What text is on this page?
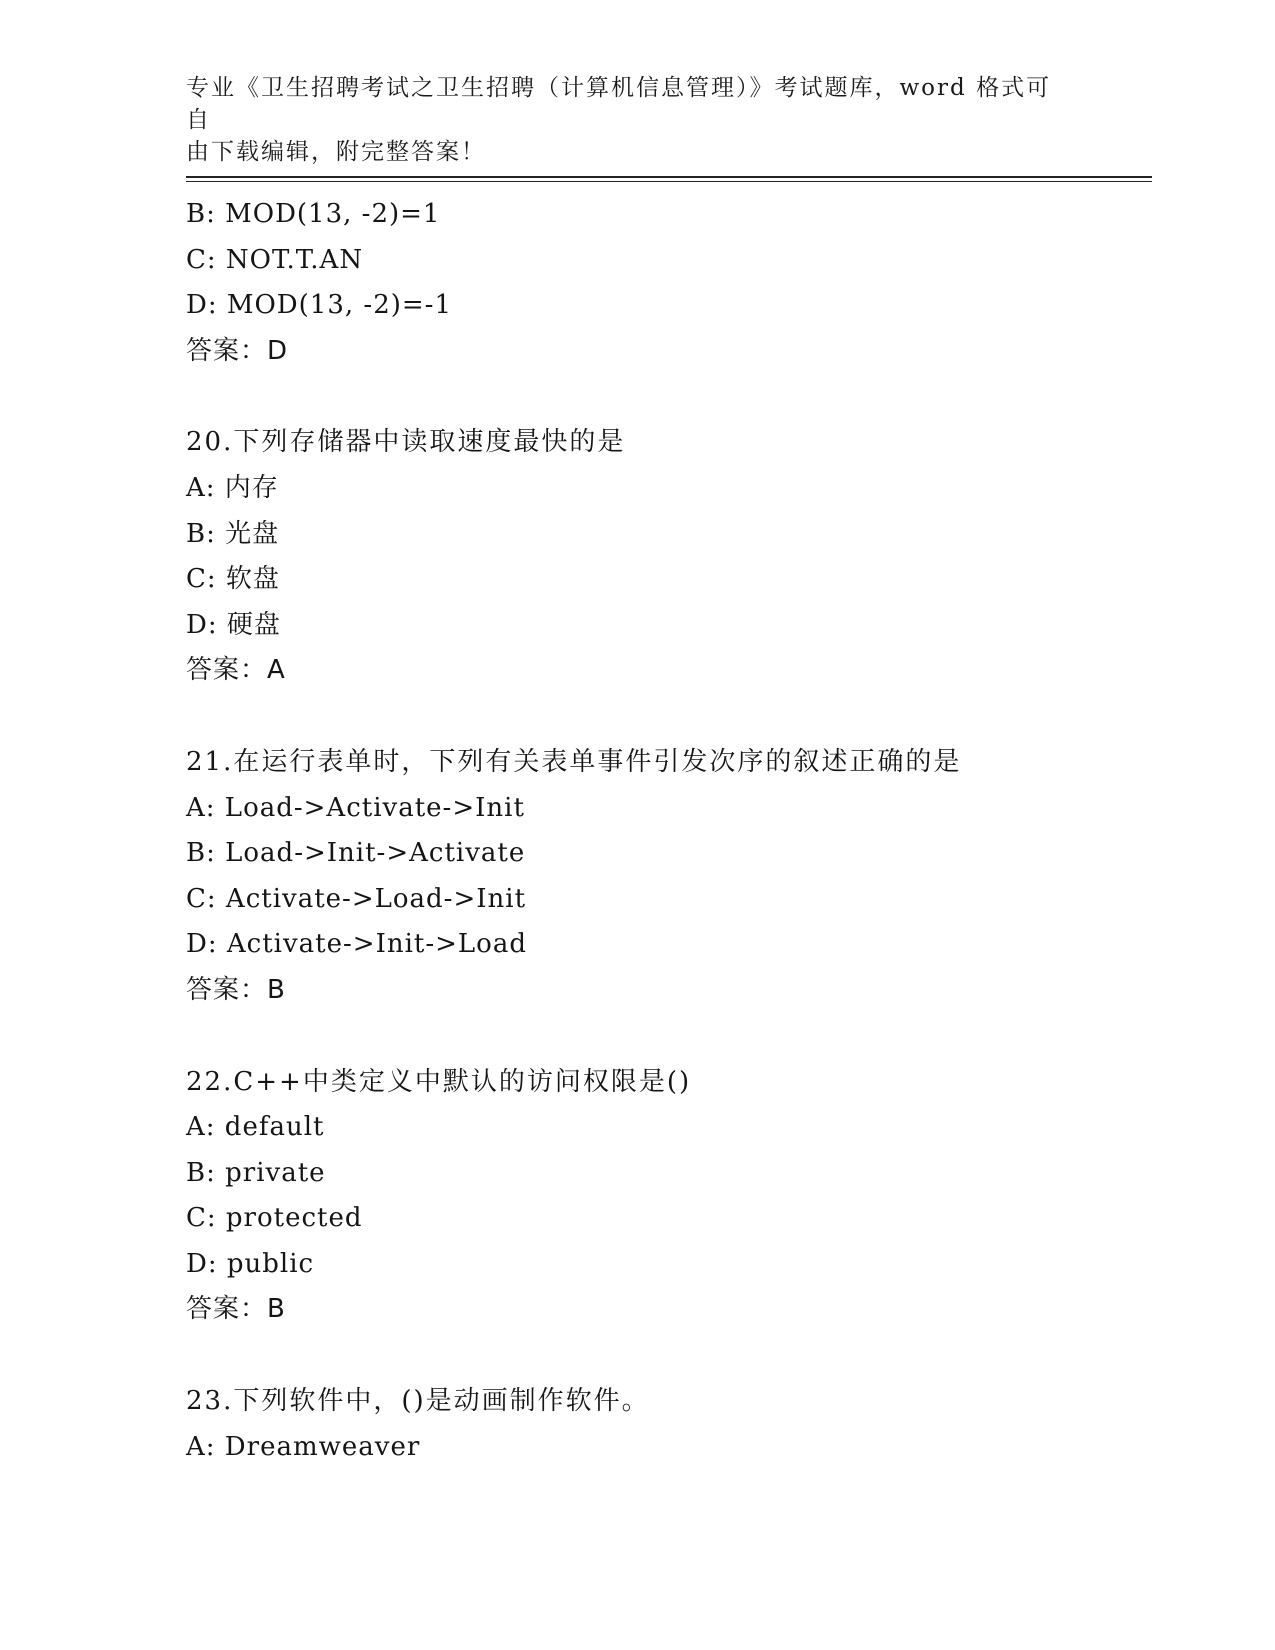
专业《卫生招聘考试之卫生招聘（计算机信息管理）》考试题库，word 格式可自
由下载编辑，附完整答案！
B: MOD(13, -2)=1
C: NOT.T.AN
D: MOD(13, -2)=-1
答案：D
20.下列存储器中读取速度最快的是
A: 内存
B: 光盘
C: 软盘
D: 硬盘
答案：A
21.在运行表单时，下列有关表单事件引发次序的叙述正确的是
A: Load->Activate->Init
B: Load->Init->Activate
C: Activate->Load->Init
D: Activate->Init->Load
答案：B
22.C++中类定义中默认的访问权限是()
A: default
B: private
C: protected
D: public
答案：B
23.下列软件中，()是动画制作软件。
A: Dreamweaver
